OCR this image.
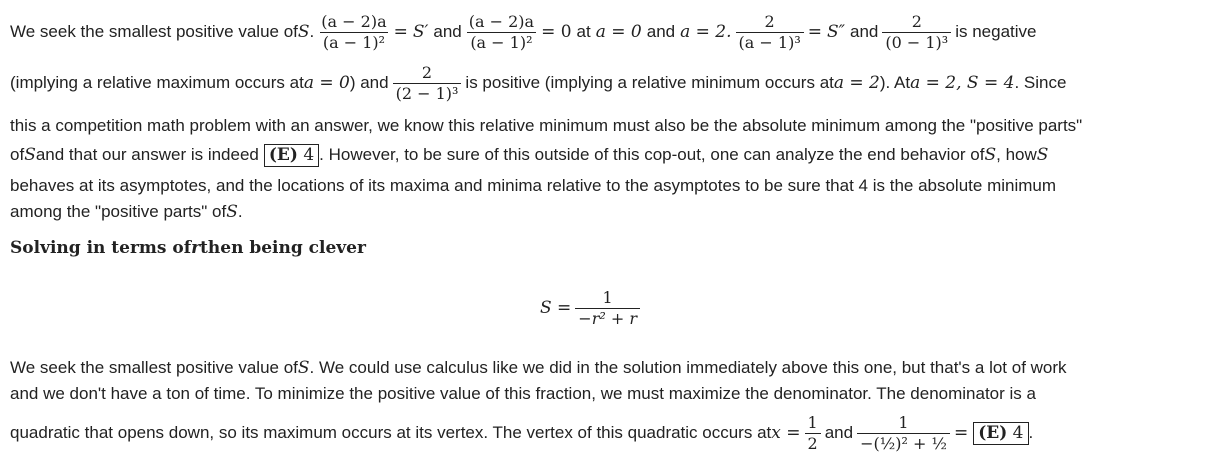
We seek the smallest positive value of S . $\frac{(a - 2)a}{\text{(a − 1)²}} = S'$ and $\frac{(a - 2)a}{\text{(a − 1)²}} = 0$ at a = 0 and a = 2. $\frac{2}{\text{(a − 1)³}} = S''$ and $\frac{2}{\text{(0 − 1)³}}$ is negative
(implying a relative maximum occurs at a = 0 ) and $\frac{2}{\text{(2 − 1)³}}$ is positive (implying a relative minimum occurs at a = 2 ). At a = 2, S = 4 . Since
this a competition math problem with an answer, we know this relative minimum must also be the absolute minimum among the "positive parts"
of S and that our answer is indeed (E) 4 . However, to be sure of this outside of this cop-out, one can analyze the end behavior of S , how S
behaves at its asymptotes, and the locations of its maxima and minima relative to the asymptotes to be sure that 4 is the absolute minimum
among the "positive parts" of S .
Solving in terms of r then being clever
$S = \frac{1}{\text{−r² + r}}$
We seek the smallest positive value of S . We could use calculus like we did in the solution immediately above this one, but that's a lot of work
and we don't have a ton of time. To minimize the positive value of this fraction, we must maximize the denominator. The denominator is a
quadratic that opens down, so its maximum occurs at its vertex. The vertex of this quadratic occurs at $x = \frac{1}{2}$ and $\frac{1}{\text{−(½)² + ½}} = (E)$ 4 .
